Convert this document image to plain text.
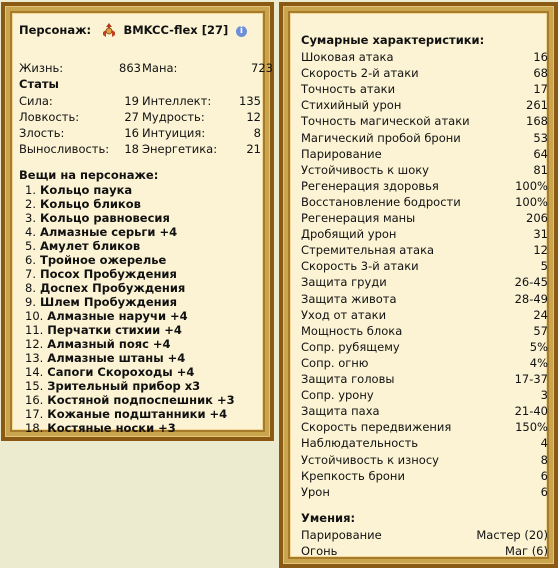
Персонаж:	BMKCC-flex [27] i
Жизнь:	863 Мана:	723
Статы
Сила:	19 Интеллект: 135
Ловкость:	27 Мудрость:	12
Злость:	16 Интуиция:	8
Выносливость:	18 Энергетика:	21
Вещи на персонаже:
1. Кольцо паука
2. Кольцо бликов
3. Кольцо равновесия
4. Алмазные серьги +4
5. Амулет бликов
6. Тройное ожерелье
7. Посох Пробуждения
8. Доспех Пробуждения
9. Шлем Пробуждения
10. Алмазные наручи +4
11. Перчатки стихии +4
12. Алмазный пояс +4
13. Алмазные штаны +4
14. Сапоги Скороходы +4
15. Зрительный прибор x3
16. Костяной подпоспешник +3
17. Кожаные подштанники +4
18. Костяные носки +3
Сумарные характеристики:
Шоковая атака	16
Скорость 2-й атаки	68
Точность атаки	17
Стихийный урон	261
Точность магической атаки	168
Магический пробой брони	53
Парирование	64
Устойчивость к шоку	81
Регенерация здоровья	100%
Восстановление бодрости	100%
Регенерация маны	206
Дробящий урон	31
Стремительная атака	12
Скорость 3-й атаки	5
Защита груди	26-45
Защита живота	28-49
Уход от атаки	24
Мощность блока	57
Сопр. рубящему	5%
Сопр. огню	4%
Защита головы	17-37
Сопр. урону	3
Защита паха	21-40
Скорость передвижения	150%
Наблюдательность	4
Устойчивость к износу	8
Крепкость брони	6
Урон	6
Умения:
Парирование	Мастер (20)
Огонь	Маг (6)
